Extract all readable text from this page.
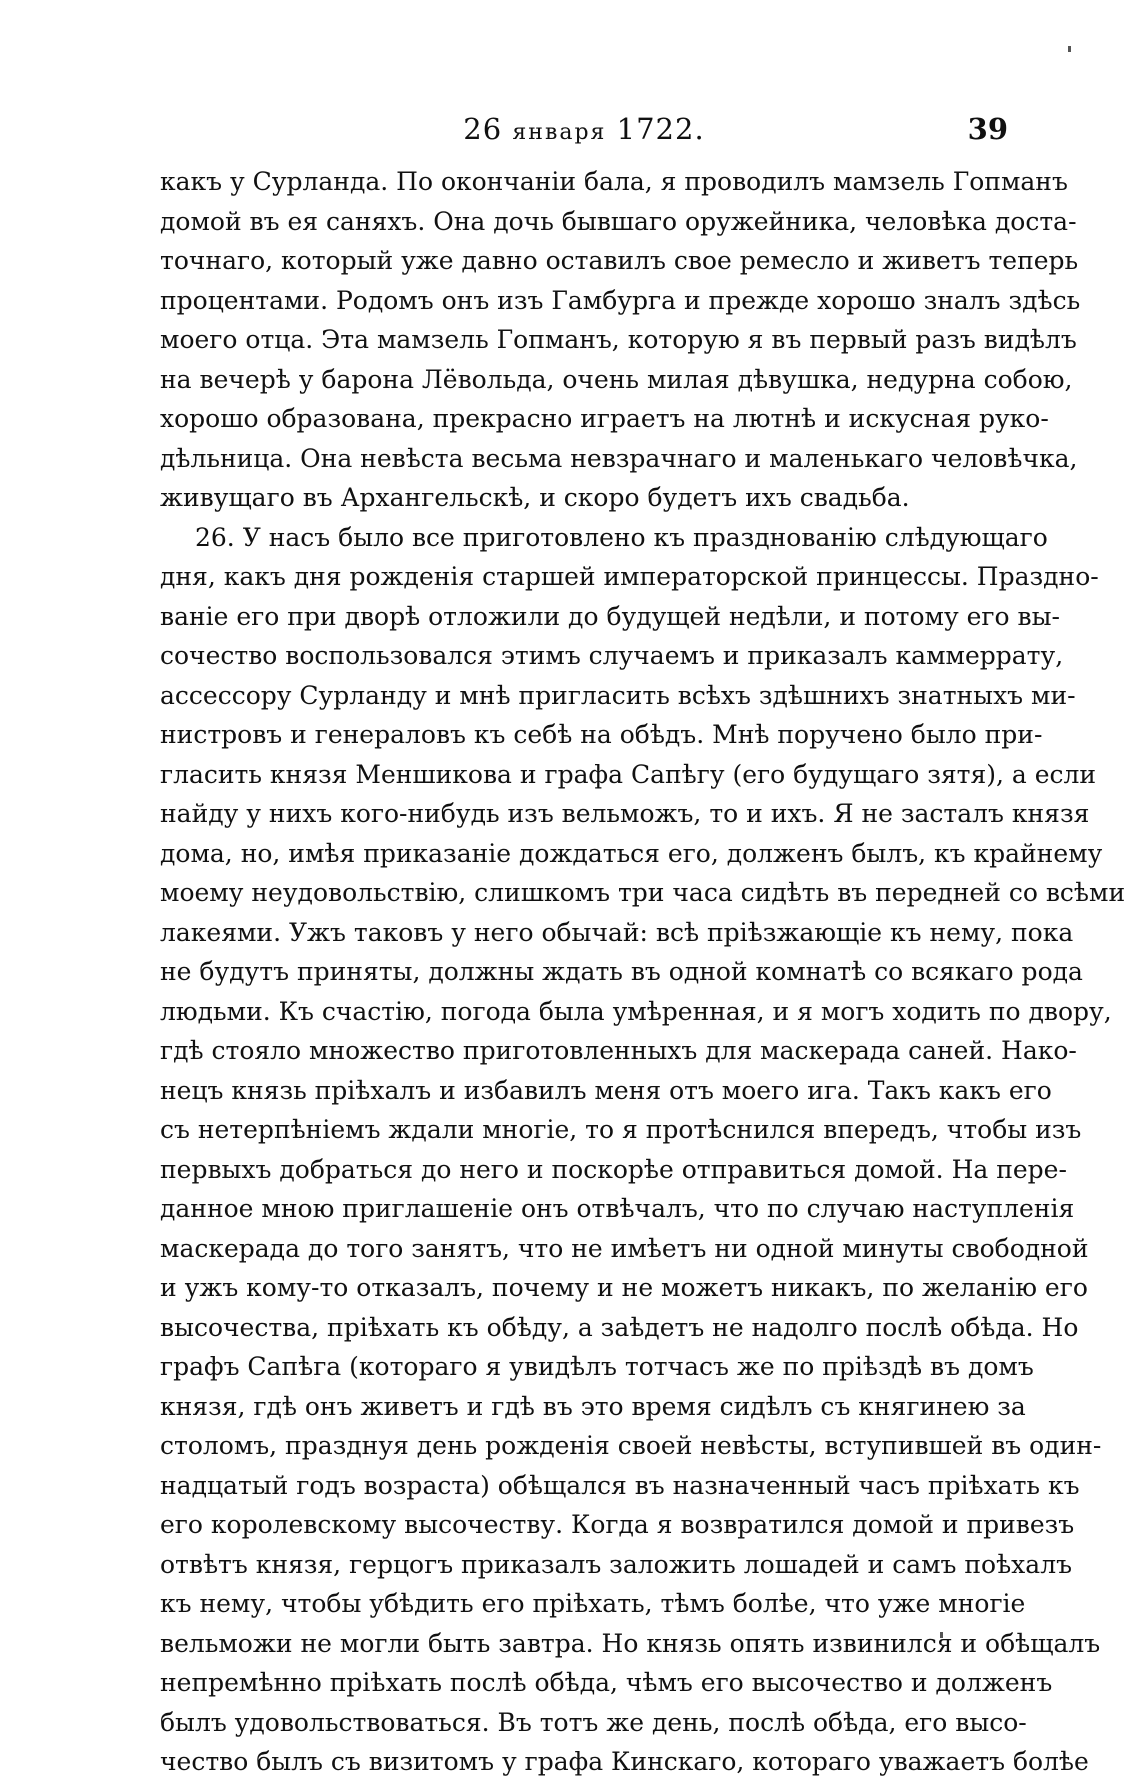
26 января 1722.	39
какъ у Сурланда. По окончаніи бала, я проводилъ мамзель Гопманъ
домой въ ея саняхъ. Она дочь бывшаго оружейника, человѣка доста-
точнаго, который уже давно оставилъ свое ремесло и живетъ теперь
процентами. Родомъ онъ изъ Гамбурга и прежде хорошо зналъ здѣсь
моего отца. Эта мамзель Гопманъ, которую я въ первый разъ видѣлъ
на вечерѣ у барона Лёвольда, очень милая дѣвушка, недурна собою,
хорошо образована, прекрасно играетъ на лютнѣ и искусная руко-
дѣльница. Она невѣста весьма невзрачнаго и маленькаго человѣчка,
живущаго въ Архангельскѣ, и скоро будетъ ихъ свадьба.
26. У насъ было все приготовлено къ празднованію слѣдующаго
дня, какъ дня рожденія старшей императорской принцессы. Праздно-
ваніе его при дворѣ отложили до будущей недѣли, и потому его вы-
сочество воспользовался этимъ случаемъ и приказалъ каммеррату,
ассессору Сурланду и мнѣ пригласить всѣхъ здѣшнихъ знатныхъ ми-
нистровъ и генераловъ къ себѣ на обѣдъ. Мнѣ поручено было при-
гласить князя Меншикова и графа Сапѣгу (его будущаго зятя), а если
найду у нихъ кого-нибудь изъ вельможъ, то и ихъ. Я не засталъ князя
дома, но, имѣя приказаніе дождаться его, долженъ былъ, къ крайнему
моему неудовольствію, слишкомъ три часа сидѣть въ передней со всѣми
лакеями. Ужъ таковъ у него обычай: всѣ пріѣзжающіе къ нему, пока
не будутъ приняты, должны ждать въ одной комнатѣ со всякаго рода
людьми. Къ счастію, погода была умѣренная, и я могъ ходить по двору,
гдѣ стояло множество приготовленныхъ для маскерада саней. Нако-
нецъ князь пріѣхалъ и избавилъ меня отъ моего ига. Такъ какъ его
съ нетерпѣніемъ ждали многіе, то я протѣснился впередъ, чтобы изъ
первыхъ добраться до него и поскорѣе отправиться домой. На пере-
данное мною приглашеніе онъ отвѣчалъ, что по случаю наступленія
маскерада до того занятъ, что не имѣетъ ни одной минуты свободной
и ужъ кому-то отказалъ, почему и не можетъ никакъ, по желанію его
высочества, пріѣхать къ обѣду, а заѣдетъ не надолго послѣ обѣда. Но
графъ Сапѣга (котораго я увидѣлъ тотчасъ же по пріѣздѣ въ домъ
князя, гдѣ онъ живетъ и гдѣ въ это время сидѣлъ съ княгинею за
столомъ, празднуя день рожденія своей невѣсты, вступившей въ один-
надцатый годъ возраста) обѣщался въ назначенный часъ пріѣхать къ
его королевскому высочеству. Когда я возвратился домой и привезъ
отвѣтъ князя, герцогъ приказалъ заложить лошадей и самъ поѣхалъ
къ нему, чтобы убѣдить его пріѣхать, тѣмъ болѣе, что уже многіе
вельможи не могли быть завтра. Но князь опять извинился и обѣщалъ
непремѣнно пріѣхать послѣ обѣда, чѣмъ его высочество и долженъ
былъ удовольствоваться. Въ тотъ же день, послѣ обѣда, его высо-
чество былъ съ визитомъ у графа Кинскаго, котораго уважаетъ болѣе
